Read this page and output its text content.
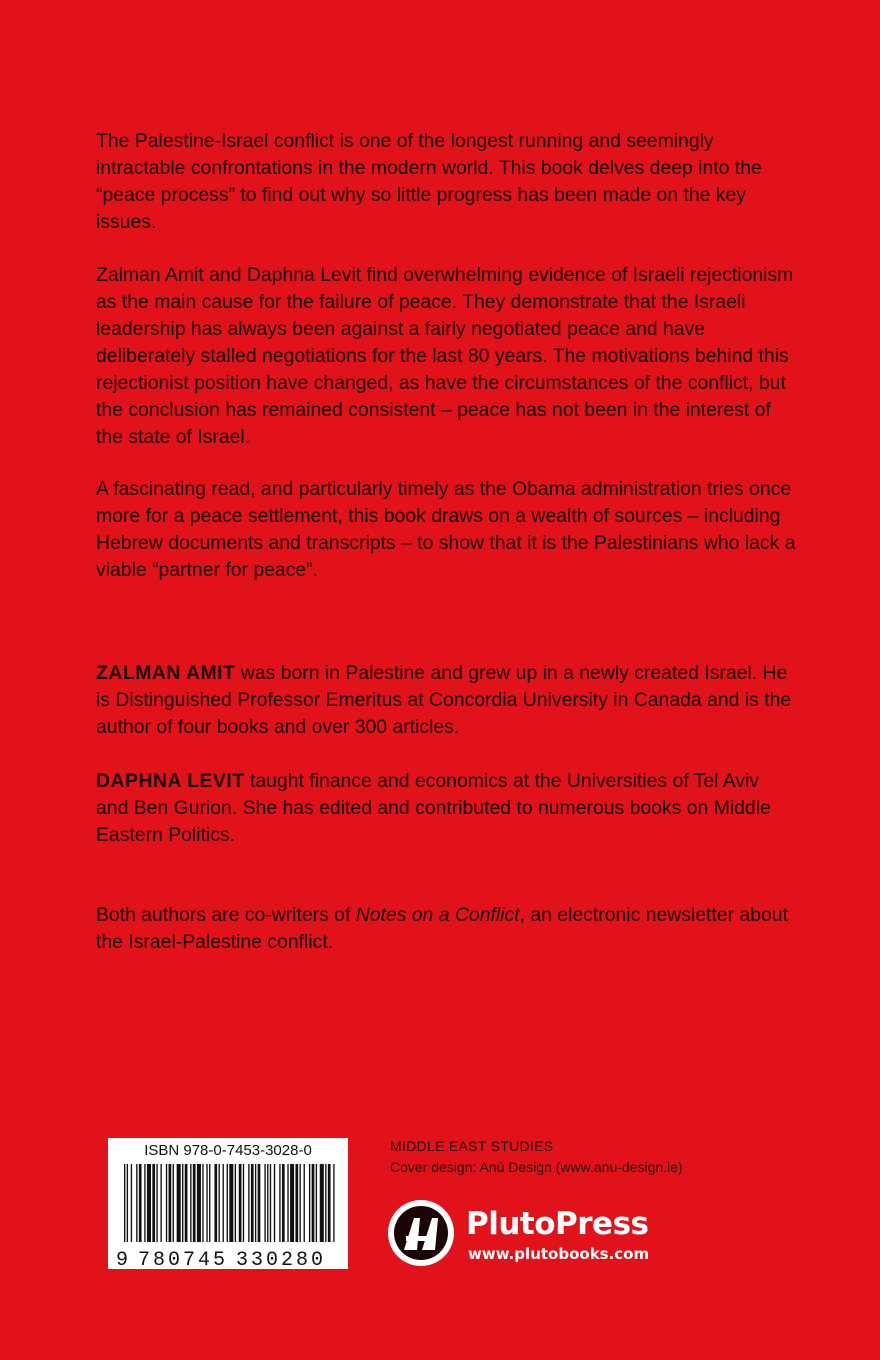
The Palestine-Israel conflict is one of the longest running and seemingly intractable confrontations in the modern world. This book delves deep into the “peace process” to find out why so little progress has been made on the key issues.

Zalman Amit and Daphna Levit find overwhelming evidence of Israeli rejectionism as the main cause for the failure of peace. They demonstrate that the Israeli leadership has always been against a fairly negotiated peace and have deliberately stalled negotiations for the last 80 years. The motivations behind this rejectionist position have changed, as have the circumstances of the conflict, but the conclusion has remained consistent – peace has not been in the interest of the state of Israel.

A fascinating read, and particularly timely as the Obama administration tries once more for a peace settlement, this book draws on a wealth of sources – including Hebrew documents and transcripts – to show that it is the Palestinians who lack a viable “partner for peace”.

ZALMAN AMIT was born in Palestine and grew up in a newly created Israel. He is Distinguished Professor Emeritus at Concordia University in Canada and is the author of four books and over 300 articles.

DAPHNA LEVIT taught finance and economics at the Universities of Tel Aviv and Ben Gurion. She has edited and contributed to numerous books on Middle Eastern Politics.

Both authors are co-writers of Notes on a Conflict, an electronic newsletter about the Israel-Palestine conflict.

ISBN 978-0-7453-3028-0
9 780745 330280
MIDDLE EAST STUDIES
Cover design: Anú Design (www.anu-design.ie)
PlutoPress
www.plutobooks.com
